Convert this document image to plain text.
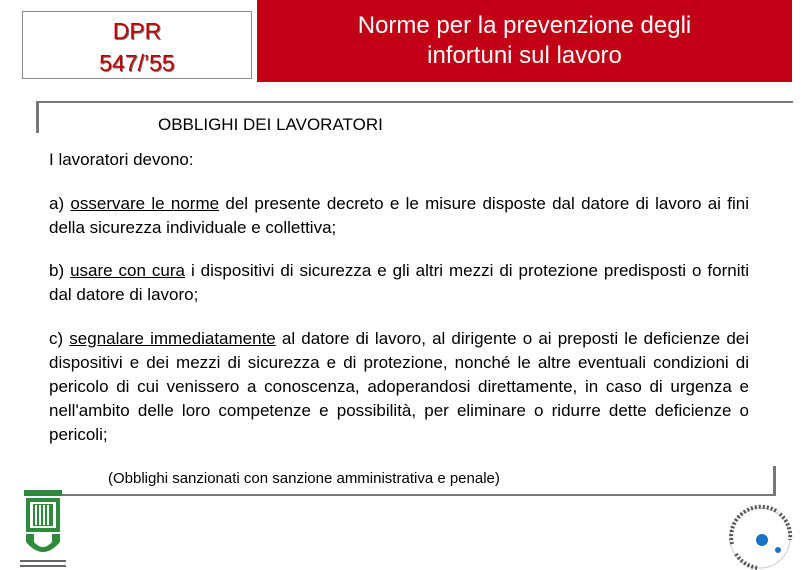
DPR
547/’55
Norme per la prevenzione degli
infortuni sul lavoro
OBBLIGHI DEI LAVORATORI
I lavoratori devono:
a) osservare le norme del presente decreto e le misure disposte dal datore di lavoro ai fini della sicurezza individuale e collettiva;
b) usare con cura i dispositivi di sicurezza e gli altri mezzi di protezione predisposti o forniti dal datore di lavoro;
c) segnalare immediatamente al datore di lavoro, al dirigente o ai preposti le deficienze dei dispositivi e dei mezzi di sicurezza e di protezione, nonché le altre eventuali condizioni di pericolo di cui venissero a conoscenza, adoperandosi direttamente, in caso di urgenza e nell'ambito delle loro competenze e possibilità, per eliminare o ridurre dette deficienze o pericoli;
(Obblighi sanzionati con sanzione amministrativa e penale)
